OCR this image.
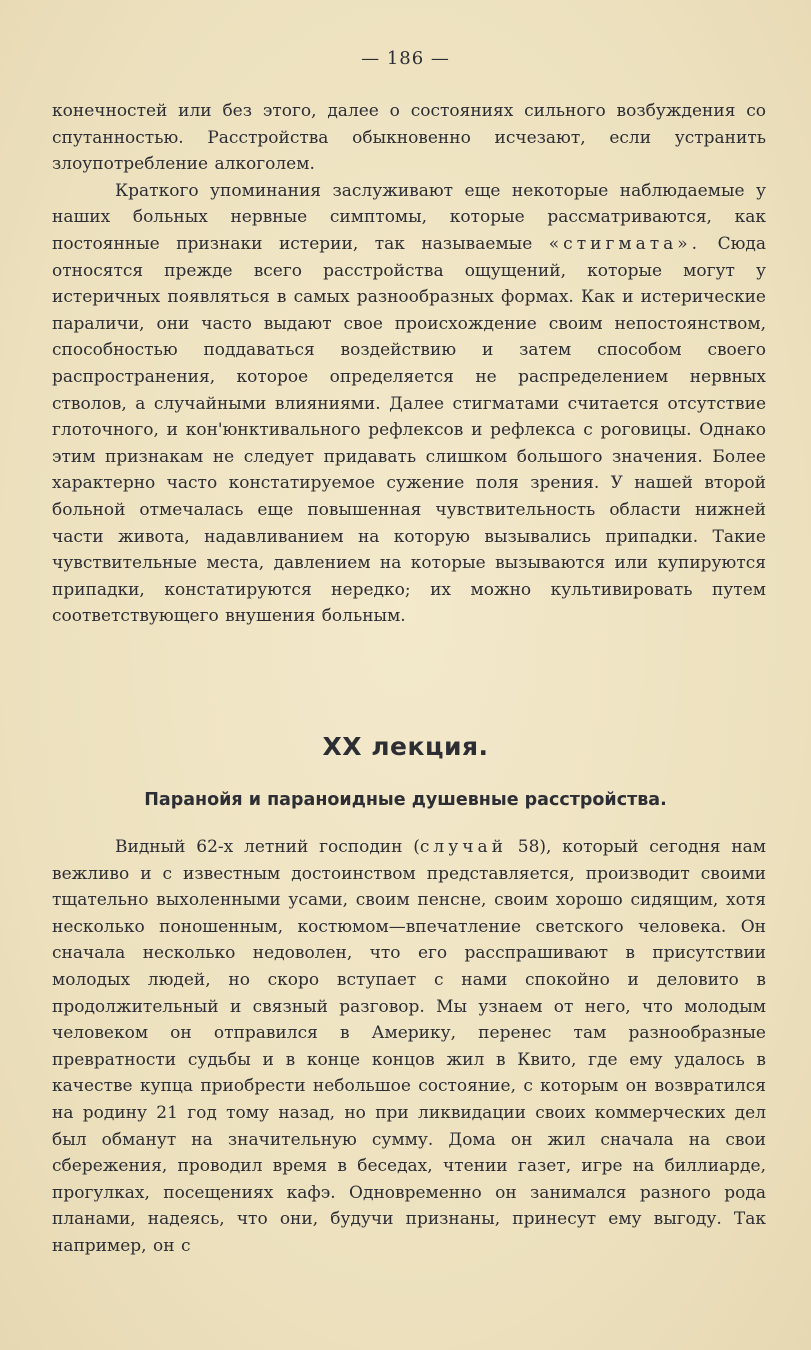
— 186 —

конечностей или без этого, далее о состояниях сильного возбуждения со спутанностью. Расстройства обыкновенно исчезают, если устранить злоупотребление алкоголем.

Краткого упоминания заслуживают еще некоторые наблюдаемые у наших больных нервные симптомы, которые рассматриваются, как постоянные признаки истерии, так называемые «стигмата». Сюда относятся прежде всего расстройства ощущений, которые могут у истеричных появляться в самых разнообразных формах. Как и истерические параличи, они часто выдают свое происхождение своим непостоянством, способностью поддаваться воздействию и затем способом своего распространения, которое определяется не распределением нервных стволов, а случайными влияниями. Далее стигматами считается отсутствие глоточного, и кон'юнктивального рефлексов и рефлекса с роговицы. Однако этим признакам не следует придавать слишком большого значения. Более характерно часто констатируемое сужение поля зрения. У нашей второй больной отмечалась еще повышенная чувствительность области нижней части живота, надавливанием на которую вызывались припадки. Такие чувствительные места, давлением на которые вызываются или купируются припадки, констатируются нередко; их можно культивировать путем соответствующего внушения больным.

XX лекция.
Паранойя и параноидные душевные расстройства.

Видный 62-х летний господин (случай 58), который сегодня нам вежливо и с известным достоинством представляется, производит своими тщательно выхоленными усами, своим пенсне, своим хорошо сидящим, хотя несколько поношенным, костюмом—впечатление светского человека. Он сначала несколько недоволен, что его расспрашивают в присутствии молодых людей, но скоро вступает с нами спокойно и деловито в продолжительный и связный разговор. Мы узнаем от него, что молодым человеком он отправился в Америку, перенес там разнообразные превратности судьбы и в конце концов жил в Квито, где ему удалось в качестве купца приобрести небольшое состояние, с которым он возвратился на родину 21 год тому назад, но при ликвидации своих коммерческих дел был обманут на значительную сумму. Дома он жил сначала на свои сбережения, проводил время в беседах, чтении газет, игре на биллиарде, прогулках, посещениях кафэ. Одновременно он занимался разного рода планами, надеясь, что они, будучи признаны, принесут ему выгоду. Так например, он с
